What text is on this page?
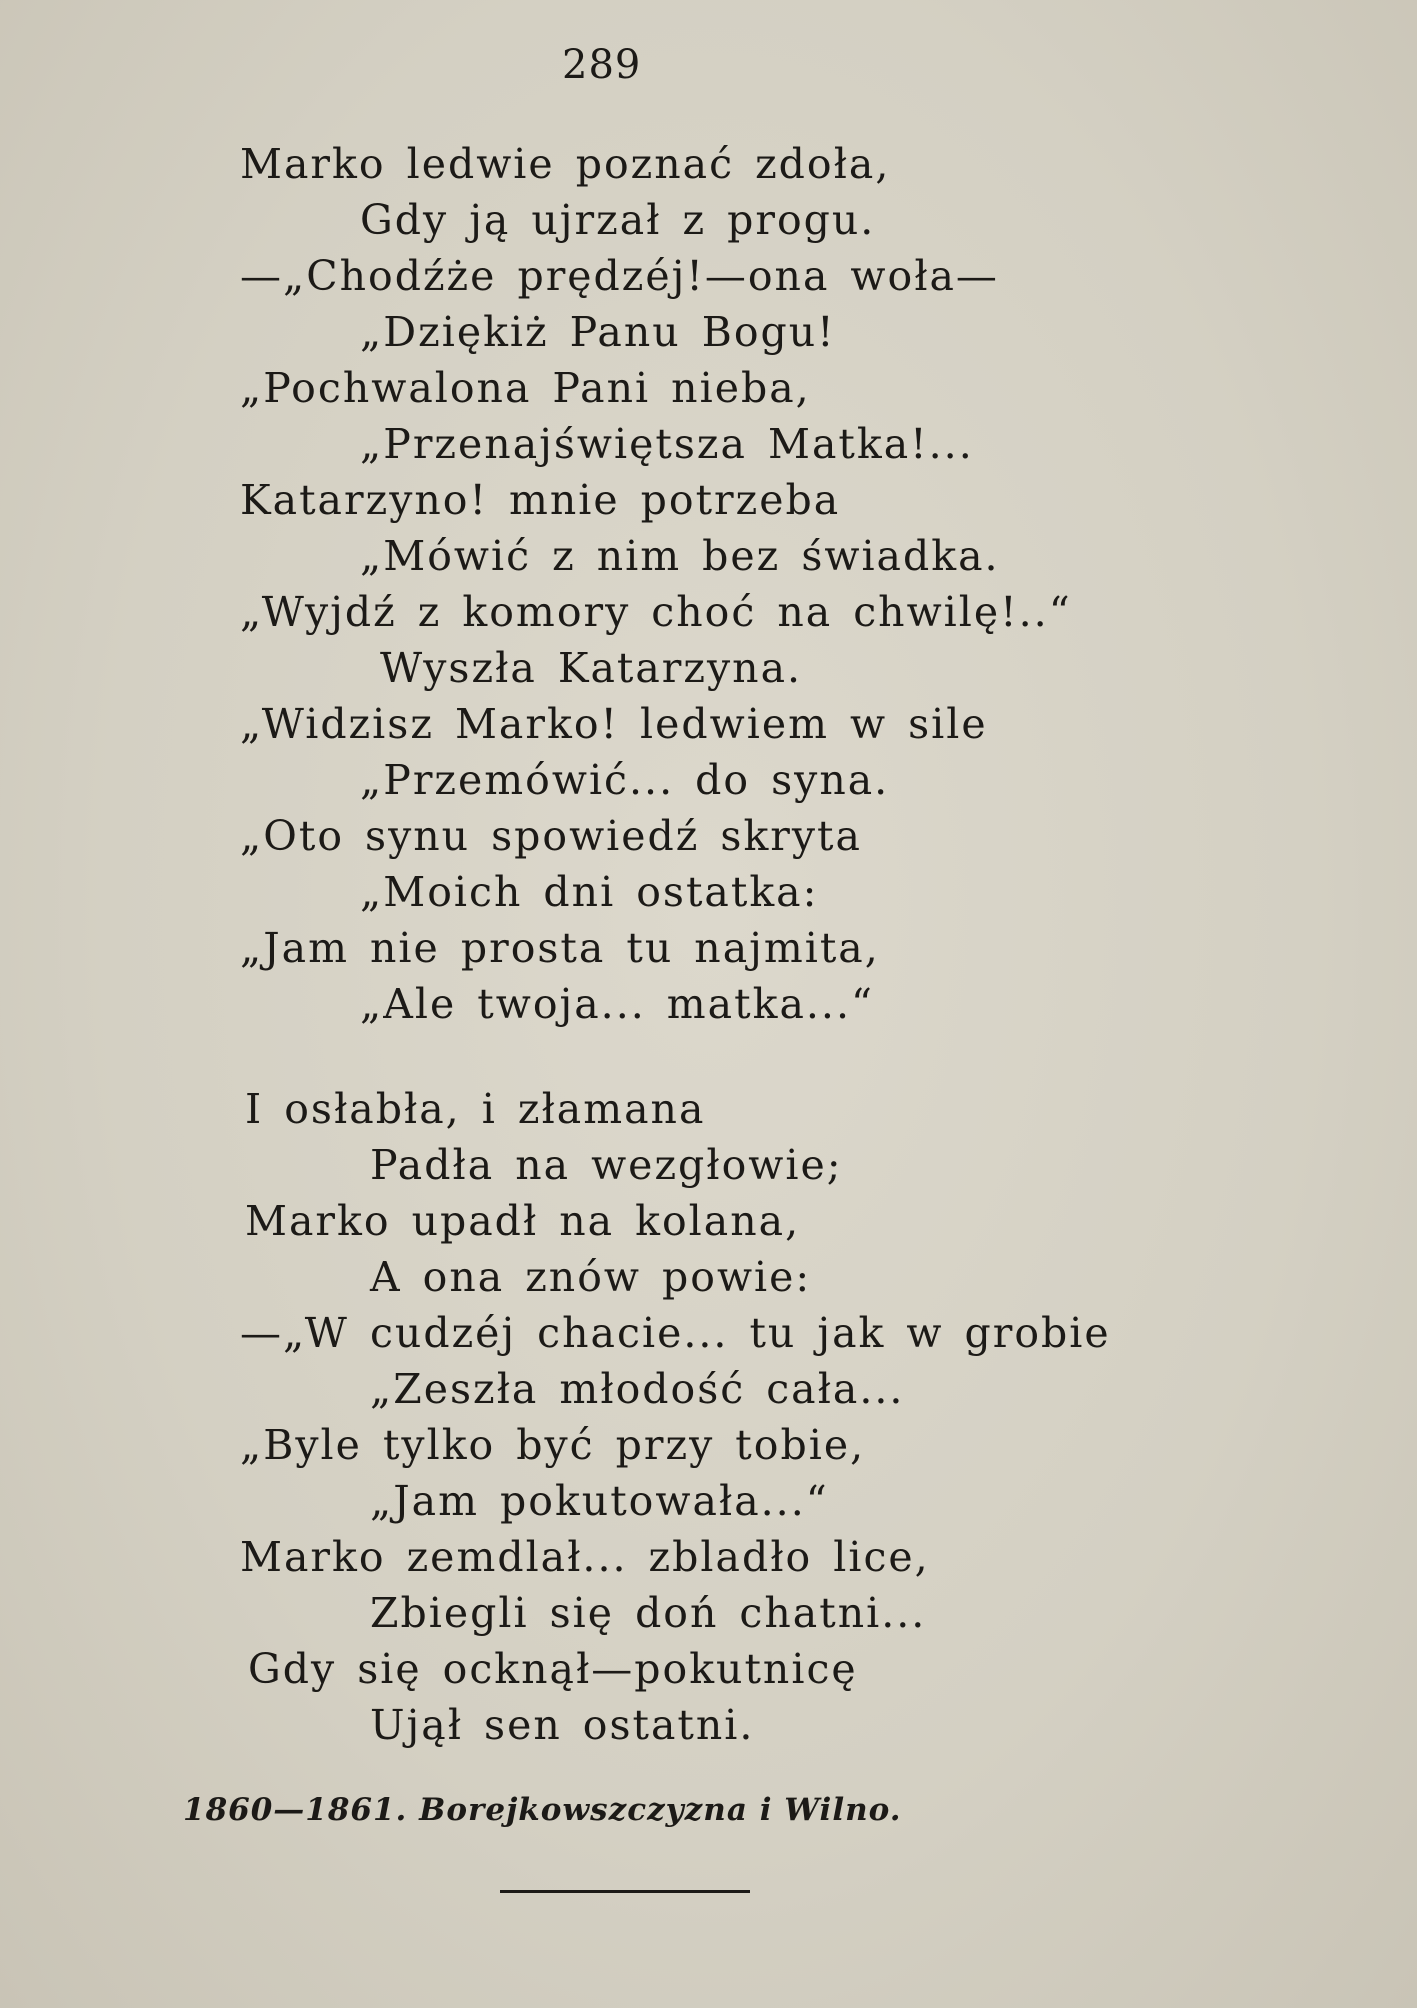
289
Marko ledwie poznać zdoła,
Gdy ją ujrzał z progu.
—„Chodźże prędzéj!—ona woła—
„Dziękiż Panu Bogu!
„Pochwalona Pani nieba,
„Przenajświętsza Matka!...
Katarzyno! mnie potrzeba
„Mówić z nim bez świadka.
„Wyjdź z komory choć na chwilę!..“
Wyszła Katarzyna.
„Widzisz Marko! ledwiem w sile
„Przemówić... do syna.
„Oto synu spowiedź skryta
„Moich dni ostatka:
„Jam nie prosta tu najmita,
„Ale twoja... matka...“
I osłabła, i złamana
Padła na wezgłowie;
Marko upadł na kolana,
A ona znów powie:
—„W cudzéj chacie... tu jak w grobie
„Zeszła młodość cała...
„Byle tylko być przy tobie,
„Jam pokutowała...“
Marko zemdlał... zbladło lice,
Zbiegli się doń chatni...
Gdy się ocknął—pokutnicę
Ujął sen ostatni.
1860—1861. Borejkowszczyzna i Wilno.
